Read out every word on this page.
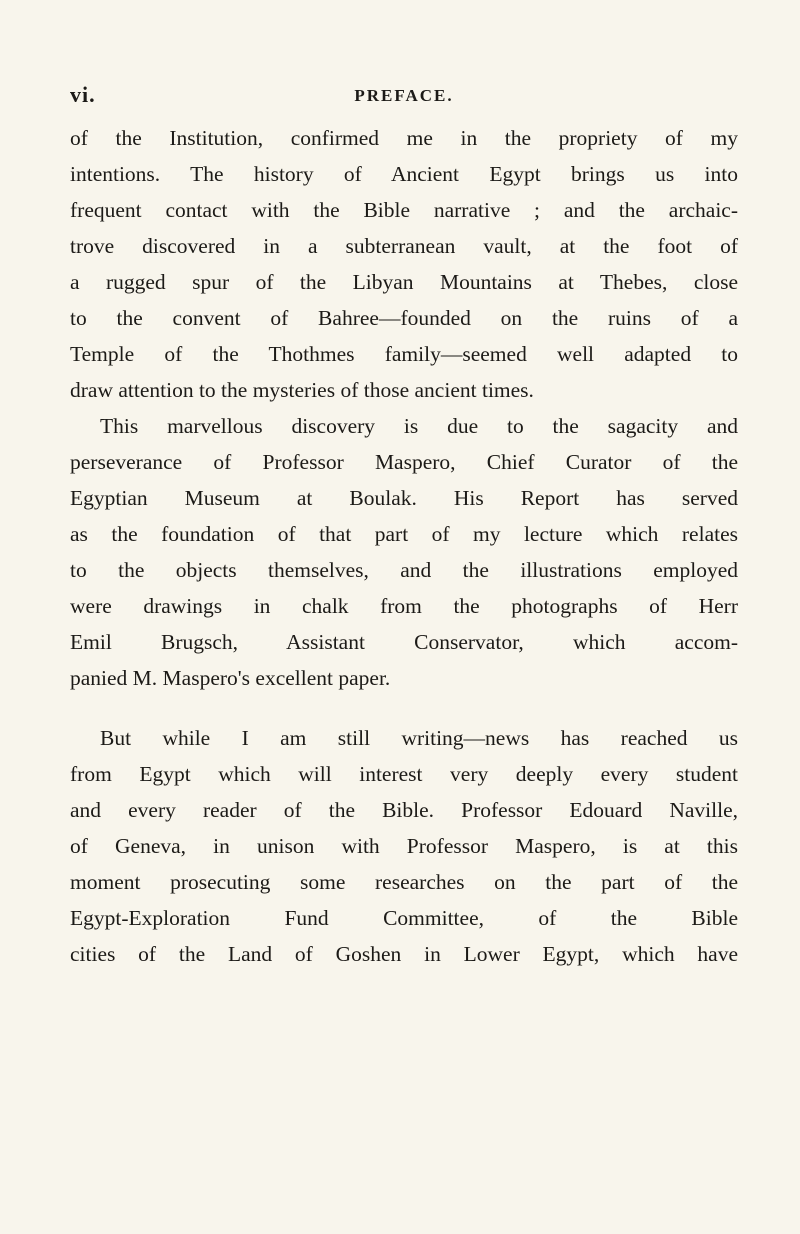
vi.	PREFACE.
of the Institution, confirmed me in the propriety of my
intentions. The history of Ancient Egypt brings us into
frequent contact with the Bible narrative ; and the archaic-
trove discovered in a subterranean vault, at the foot of
a rugged spur of the Libyan Mountains at Thebes, close
to the convent of Bahree—founded on the ruins of a
Temple of the Thothmes family—seemed well adapted to
draw attention to the mysteries of those ancient times.
This marvellous discovery is due to the sagacity and
perseverance of Professor Maspero, Chief Curator of the
Egyptian Museum at Boulak. His Report has served
as the foundation of that part of my lecture which relates
to the objects themselves, and the illustrations employed
were drawings in chalk from the photographs of Herr
Emil Brugsch, Assistant Conservator, which accom-
panied M. Maspero's excellent paper.
But while I am still writing—news has reached us
from Egypt which will interest very deeply every student
and every reader of the Bible. Professor Edouard Naville,
of Geneva, in unison with Professor Maspero, is at this
moment prosecuting some researches on the part of the
Egypt-Exploration Fund Committee, of the Bible
cities of the Land of Goshen in Lower Egypt, which have
